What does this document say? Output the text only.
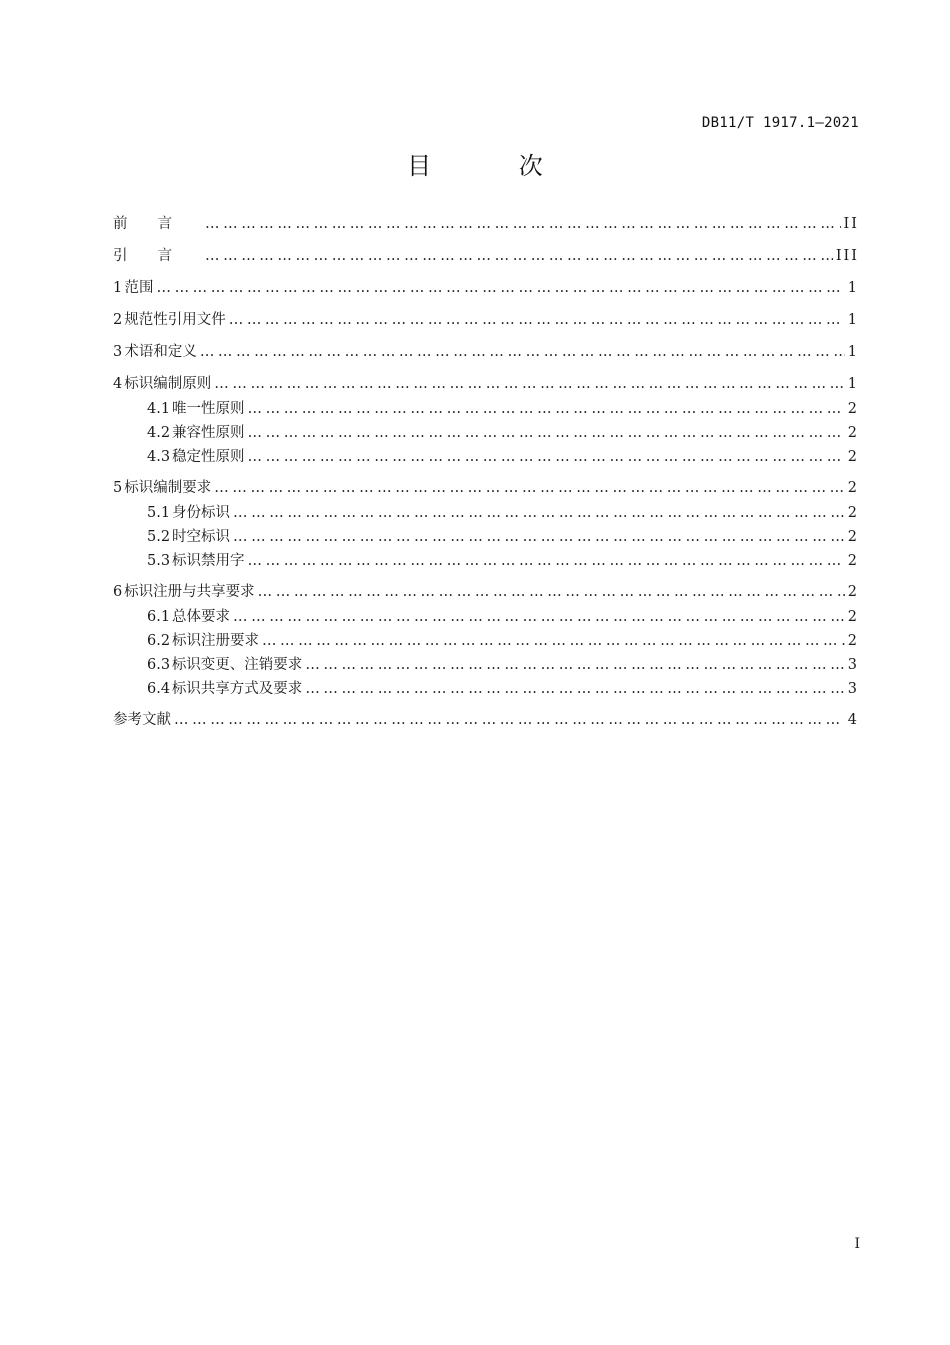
DB11/T 1917.1—2021
目 次
前言 ……………………………………………………………………………………………………………………………………………………………………………………	II
引言 ……………………………………………………………………………………………………………………………………………………………………………………	III
1 范围 ……………………………………………………………………………………………………………………………………………………………………………………	1
2 规范性引用文件 ……………………………………………………………………………………………………………………………………………………………………………………	1
3 术语和定义 ……………………………………………………………………………………………………………………………………………………………………………………	1
4 标识编制原则 ……………………………………………………………………………………………………………………………………………………………………………………	1
4.1 唯一性原则 ……………………………………………………………………………………………………………………………………………………………………………………	2
4.2 兼容性原则 ……………………………………………………………………………………………………………………………………………………………………………………	2
4.3 稳定性原则 ……………………………………………………………………………………………………………………………………………………………………………………	2
5 标识编制要求 ……………………………………………………………………………………………………………………………………………………………………………………	2
5.1 身份标识 ……………………………………………………………………………………………………………………………………………………………………………………	2
5.2 时空标识 ……………………………………………………………………………………………………………………………………………………………………………………	2
5.3 标识禁用字 ……………………………………………………………………………………………………………………………………………………………………………………	2
6 标识注册与共享要求 ……………………………………………………………………………………………………………………………………………………………………………………	2
6.1 总体要求 ……………………………………………………………………………………………………………………………………………………………………………………	2
6.2 标识注册要求 ……………………………………………………………………………………………………………………………………………………………………………………	2
6.3 标识变更、注销要求 ……………………………………………………………………………………………………………………………………………………………………………………	3
6.4 标识共享方式及要求 ……………………………………………………………………………………………………………………………………………………………………………………	3
参考文献 ……………………………………………………………………………………………………………………………………………………………………………………	4
I
